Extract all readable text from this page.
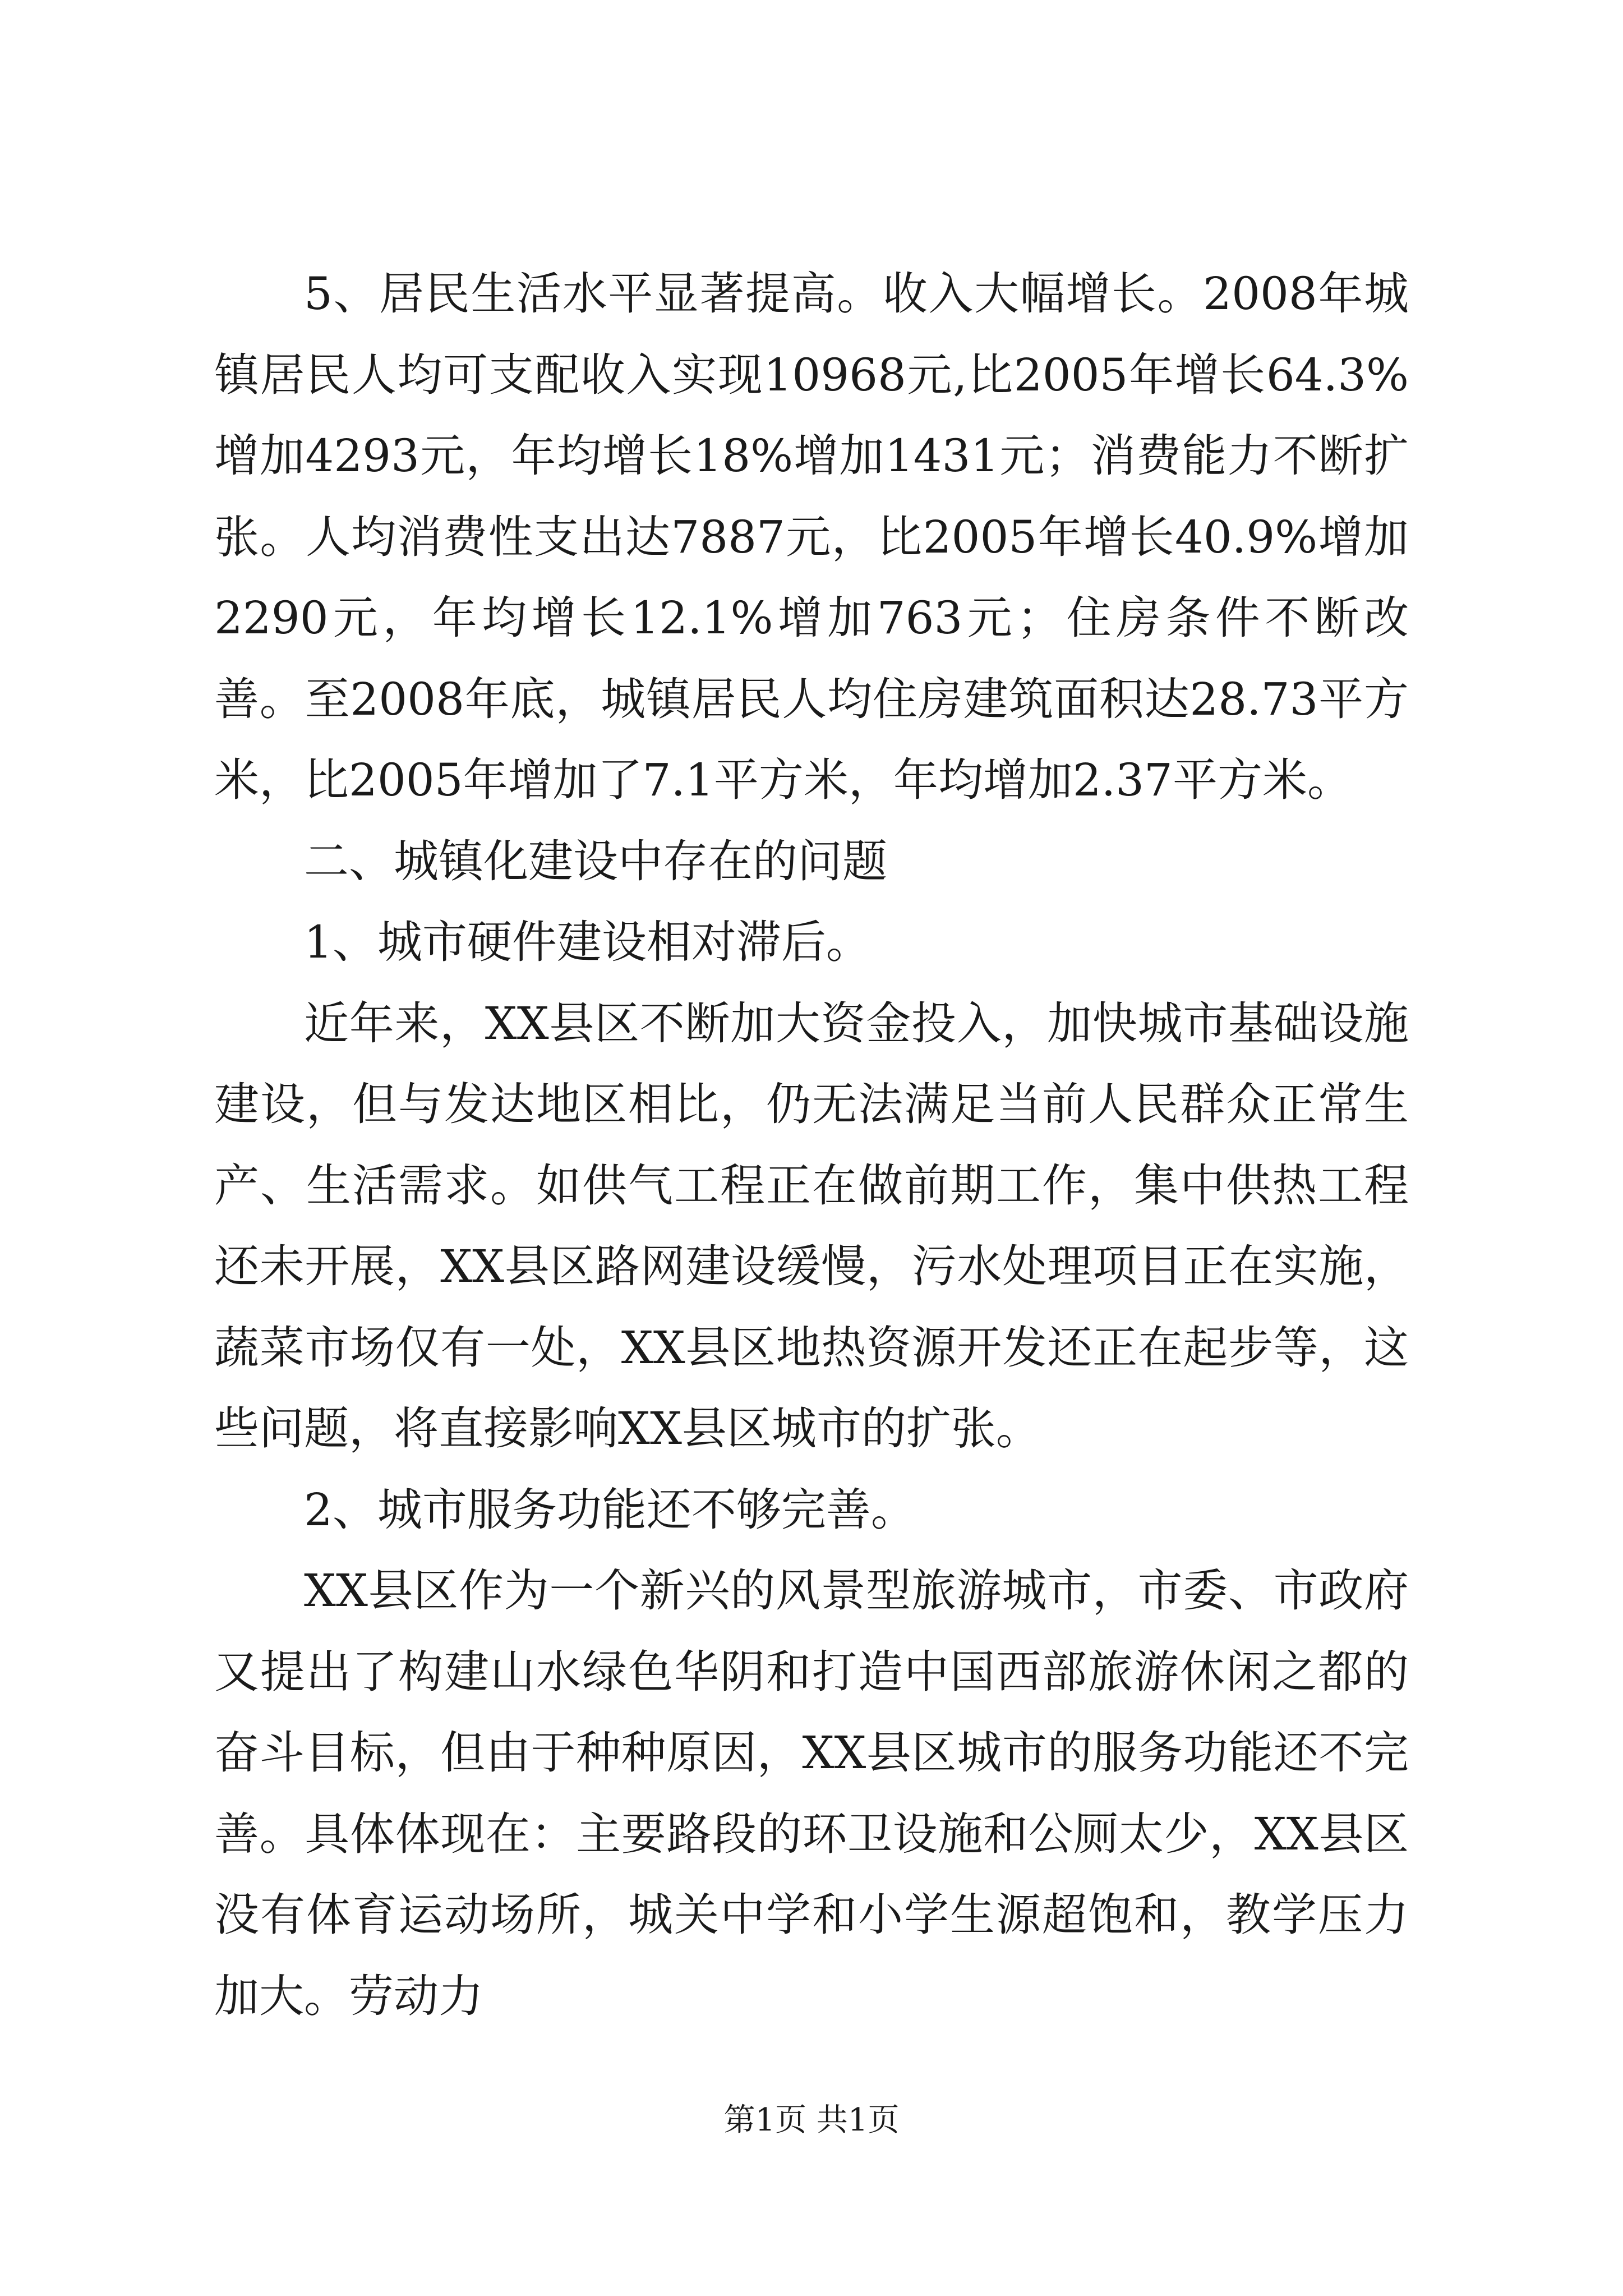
5、居民生活水平显著提高。收入大幅增长。2008年城镇居民人均可支配收入实现10968元,比2005年增长64.3%增加4293元，年均增长18%增加1431元；消费能力不断扩张。人均消费性支出达7887元，比2005年增长40.9%增加2290元，年均增长12.1%增加763元；住房条件不断改善。至2008年底，城镇居民人均住房建筑面积达28.73平方米，比2005年增加了7.1平方米，年均增加2.37平方米。

二、城镇化建设中存在的问题

1、城市硬件建设相对滞后。

近年来，XX县区不断加大资金投入，加快城市基础设施建设，但与发达地区相比，仍无法满足当前人民群众正常生产、生活需求。如供气工程正在做前期工作，集中供热工程还未开展，XX县区路网建设缓慢，污水处理项目正在实施，蔬菜市场仅有一处，XX县区地热资源开发还正在起步等，这些问题，将直接影响XX县区城市的扩张。

2、城市服务功能还不够完善。

XX县区作为一个新兴的风景型旅游城市，市委、市政府又提出了构建山水绿色华阴和打造中国西部旅游休闲之都的奋斗目标，但由于种种原因，XX县区城市的服务功能还不完善。具体体现在：主要路段的环卫设施和公厕太少，XX县区没有体育运动场所，城关中学和小学生源超饱和，教学压力加大。劳动力

第1页 共1页
